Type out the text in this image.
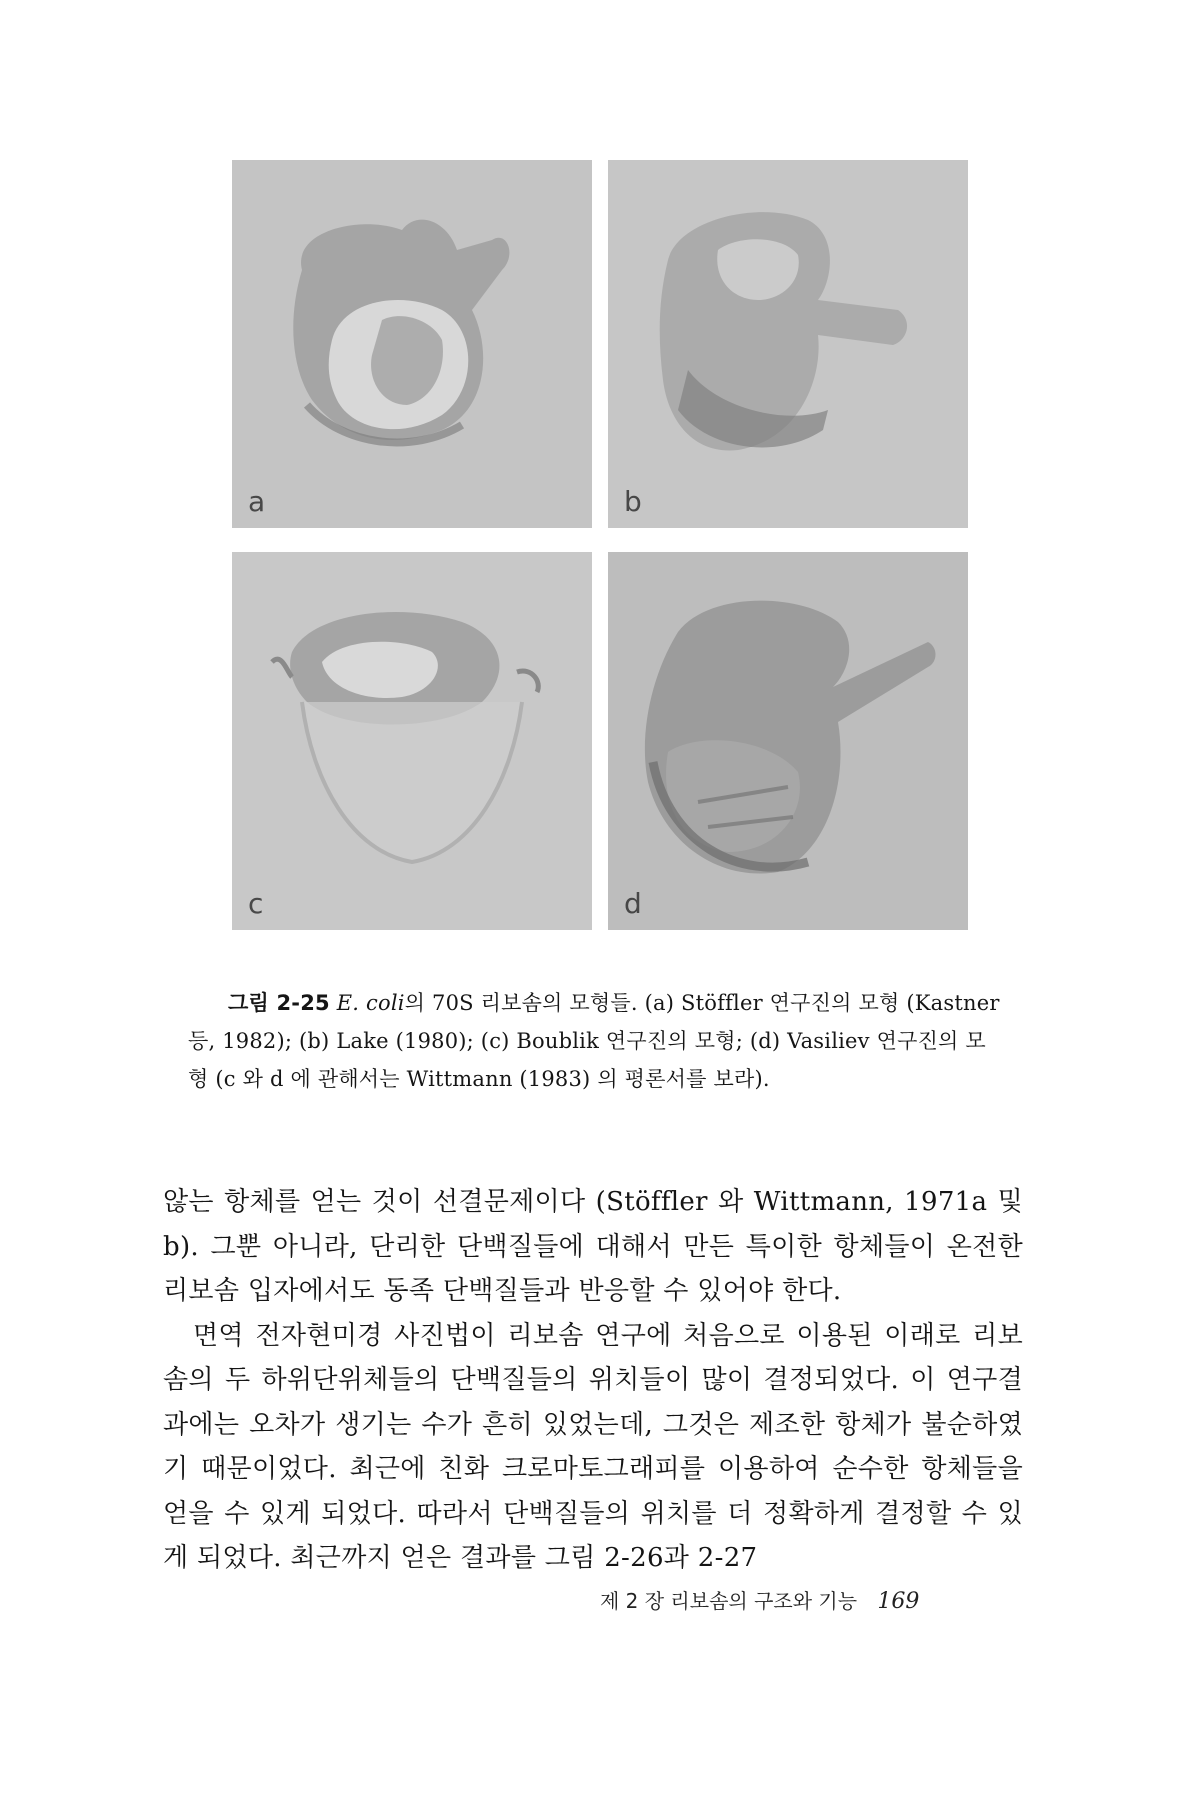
a	b
c	d
그림 2-25 E. coli의 70S 리보솜의 모형들. (a) Stöffler 연구진의 모형 (Kastner 등, 1982); (b) Lake (1980); (c) Boublik 연구진의 모형; (d) Vasiliev 연구진의 모형 (c 와 d 에 관해서는 Wittmann (1983) 의 평론서를 보라).

않는 항체를 얻는 것이 선결문제이다 (Stöffler 와 Wittmann, 1971a 및 b). 그뿐 아니라, 단리한 단백질들에 대해서 만든 특이한 항체들이 온전한 리보솜 입자에서도 동족 단백질들과 반응할 수 있어야 한다.

면역 전자현미경 사진법이 리보솜 연구에 처음으로 이용된 이래로 리보솜의 두 하위단위체들의 단백질들의 위치들이 많이 결정되었다. 이 연구결과에는 오차가 생기는 수가 흔히 있었는데, 그것은 제조한 항체가 불순하였기 때문이었다. 최근에 친화 크로마토그래피를 이용하여 순수한 항체들을 얻을 수 있게 되었다. 따라서 단백질들의 위치를 더 정확하게 결정할 수 있게 되었다. 최근까지 얻은 결과를 그림 2-26과 2-27

제 2 장 리보솜의 구조와 기능 169
